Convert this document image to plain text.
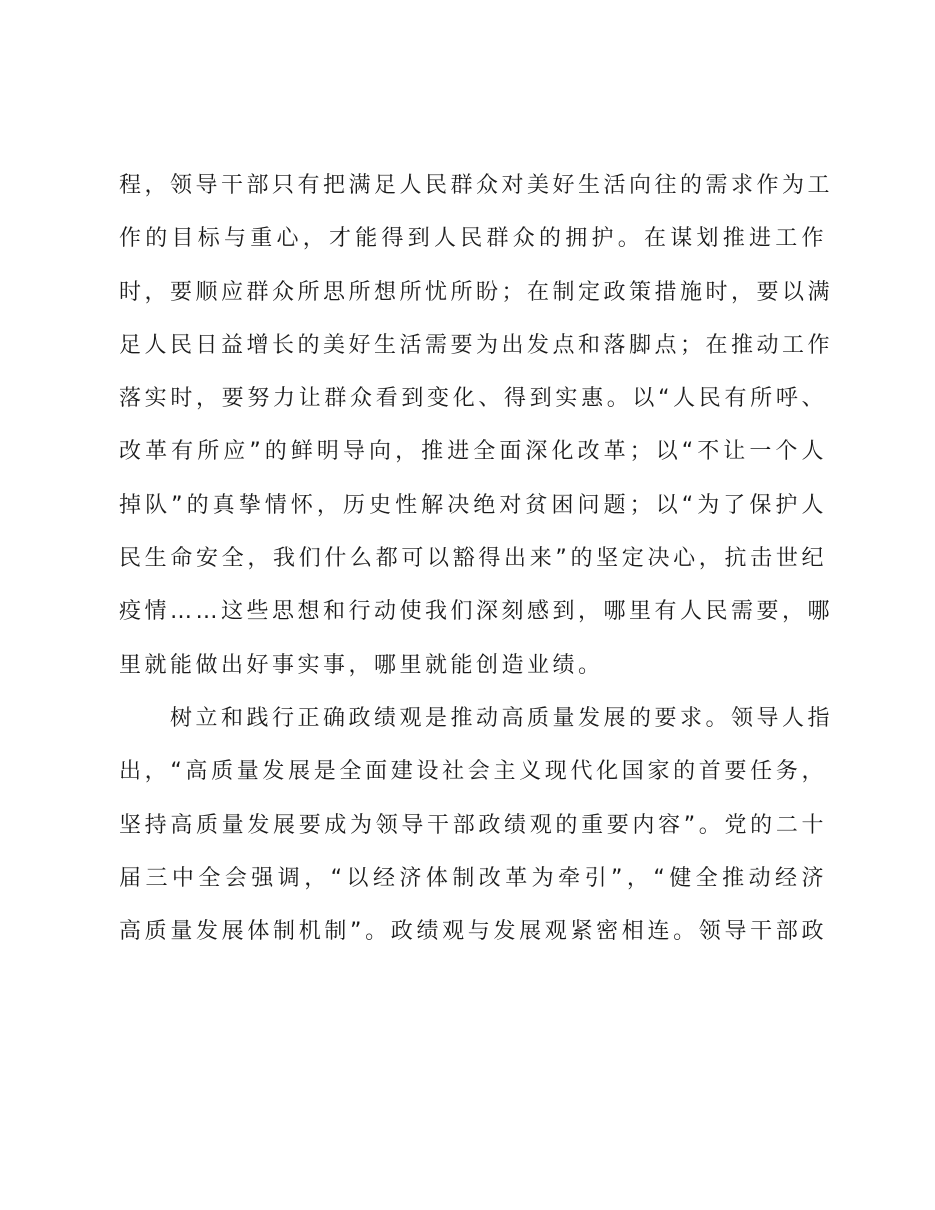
程，领导干部只有把满足人民群众对美好生活向往的需求作为工
作的目标与重心，才能得到人民群众的拥护。在谋划推进工作
时，要顺应群众所思所想所忧所盼；在制定政策措施时，要以满
足人民日益增长的美好生活需要为出发点和落脚点；在推动工作
落实时，要努力让群众看到变化、得到实惠。以“人民有所呼、
改革有所应”的鲜明导向，推进全面深化改革；以“不让一个人
掉队”的真挚情怀，历史性解决绝对贫困问题；以“为了保护人
民生命安全，我们什么都可以豁得出来”的坚定决心，抗击世纪
疫情……这些思想和行动使我们深刻感到，哪里有人民需要，哪
里就能做出好事实事，哪里就能创造业绩。
树立和践行正确政绩观是推动高质量发展的要求。领导人指
出，“高质量发展是全面建设社会主义现代化国家的首要任务，
坚持高质量发展要成为领导干部政绩观的重要内容”。党的二十
届三中全会强调，“以经济体制改革为牵引”，“健全推动经济
高质量发展体制机制”。政绩观与发展观紧密相连。领导干部政
